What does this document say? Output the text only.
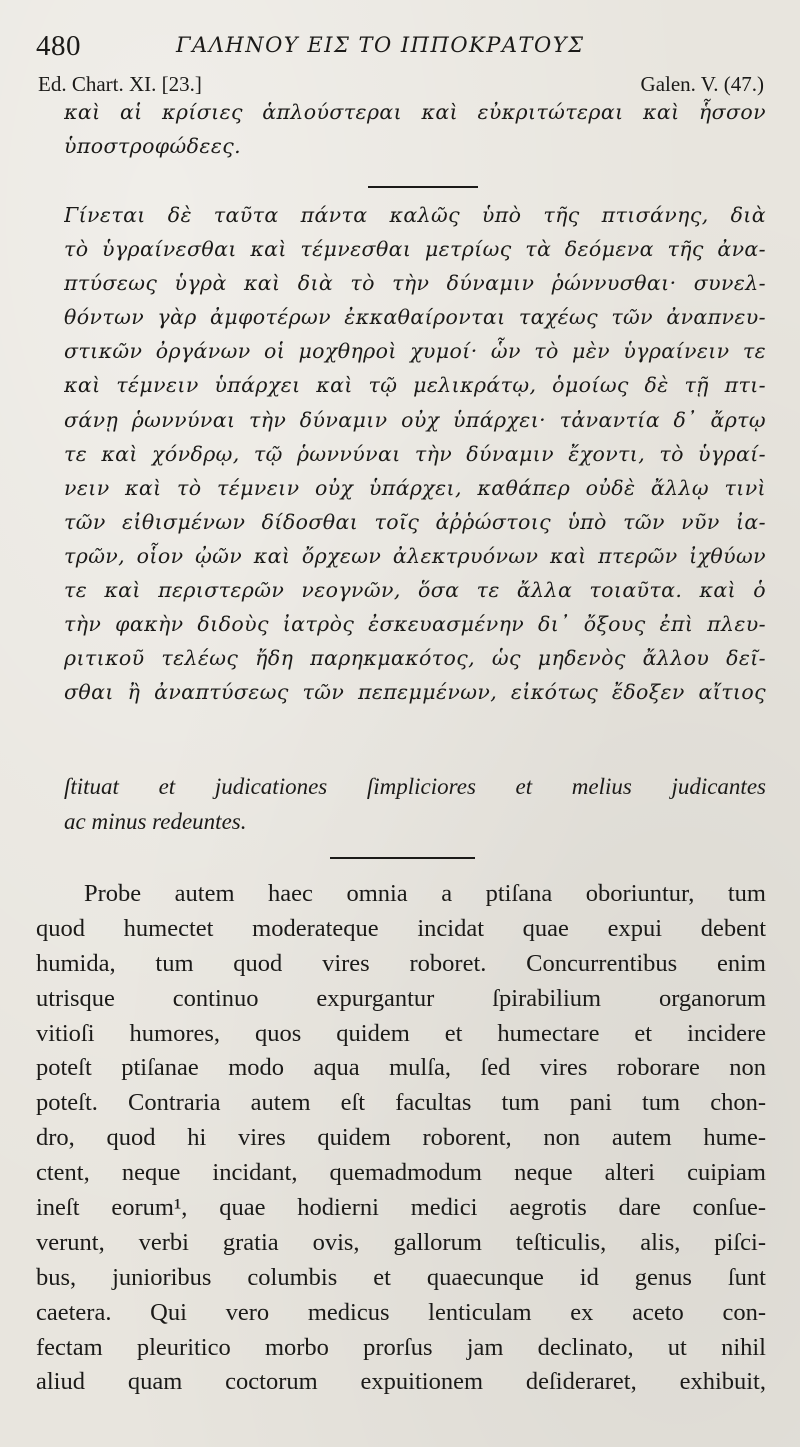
480	ΓΑΛΗΝΟΥ ΕΙΣ ΤΟ ΙΠΠΟΚΡΑΤΟΥΣ
Ed. Chart. XI. [23.]	Galen. V. (47.)
καὶ αἱ κρίσιες ἁπλούστεραι καὶ εὐκριτώτεραι καὶ ἧσσον
ὑποστροφώδεες.
Γίνεται δὲ ταῦτα πάντα καλῶς ὑπὸ τῆς πτισάνης, διὰ
τὸ ὑγραίνεσθαι καὶ τέμνεσθαι μετρίως τὰ δεόμενα τῆς ἀνα-
πτύσεως ὑγρὰ καὶ διὰ τὸ τὴν δύναμιν ῥώννυσθαι· συνελ-
θόντων γὰρ ἀμφοτέρων ἐκκαθαίρονται ταχέως τῶν ἀναπνευ-
στικῶν ὀργάνων οἱ μοχθηροὶ χυμοί· ὧν τὸ μὲν ὑγραίνειν τε
καὶ τέμνειν ὑπάρχει καὶ τῷ μελικράτῳ, ὁμοίως δὲ τῇ πτι-
σάνῃ ῥωννύναι τὴν δύναμιν οὐχ ὑπάρχει· τἀναντία δ᾽ ἄρτῳ
τε καὶ χόνδρῳ, τῷ ῥωννύναι τὴν δύναμιν ἔχοντι, τὸ ὑγραί-
νειν καὶ τὸ τέμνειν οὐχ ὑπάρχει, καθάπερ οὐδὲ ἄλλῳ τινὶ
τῶν εἰθισμένων δίδοσθαι τοῖς ἀῤῥώστοις ὑπὸ τῶν νῦν ἰα-
τρῶν, οἷον ᾠῶν καὶ ὄρχεων ἀλεκτρυόνων καὶ πτερῶν ἰχθύων
τε καὶ περιστερῶν νεογνῶν, ὅσα τε ἄλλα τοιαῦτα. καὶ ὁ
τὴν φακὴν διδοὺς ἰατρὸς ἐσκευασμένην δι᾽ ὄξους ἐπὶ πλευ-
ριτικοῦ τελέως ἤδη παρηκμακότος, ὡς μηδενὸς ἄλλου δεῖ-
σθαι ἢ ἀναπτύσεως τῶν πεπεμμένων, εἰκότως ἔδοξεν αἴτιος
ſtituat et judicationes ſimpliciores et melius judicantes
ac minus redeuntes.
Probe autem haec omnia a ptiſana oboriuntur, tum
quod humectet moderateque incidat quae expui debent
humida, tum quod vires roboret. Concurrentibus enim
utrisque continuo expurgantur ſpirabilium organorum
vitioſi humores, quos quidem et humectare et incidere
poteſt ptiſanae modo aqua mulſa, ſed vires roborare non
poteſt. Contraria autem eſt facultas tum pani tum chon-
dro, quod hi vires quidem roborent, non autem hume-
ctent, neque incidant, quemadmodum neque alteri cuipiam
ineſt eorum¹, quae hodierni medici aegrotis dare conſue-
verunt, verbi gratia ovis, gallorum teſticulis, alis, piſci-
bus, junioribus columbis et quaecunque id genus ſunt
caetera. Qui vero medicus lenticulam ex aceto con-
fectam pleuritico morbo prorſus jam declinato, ut nihil
aliud quam coctorum expuitionem deſideraret, exhibuit,
